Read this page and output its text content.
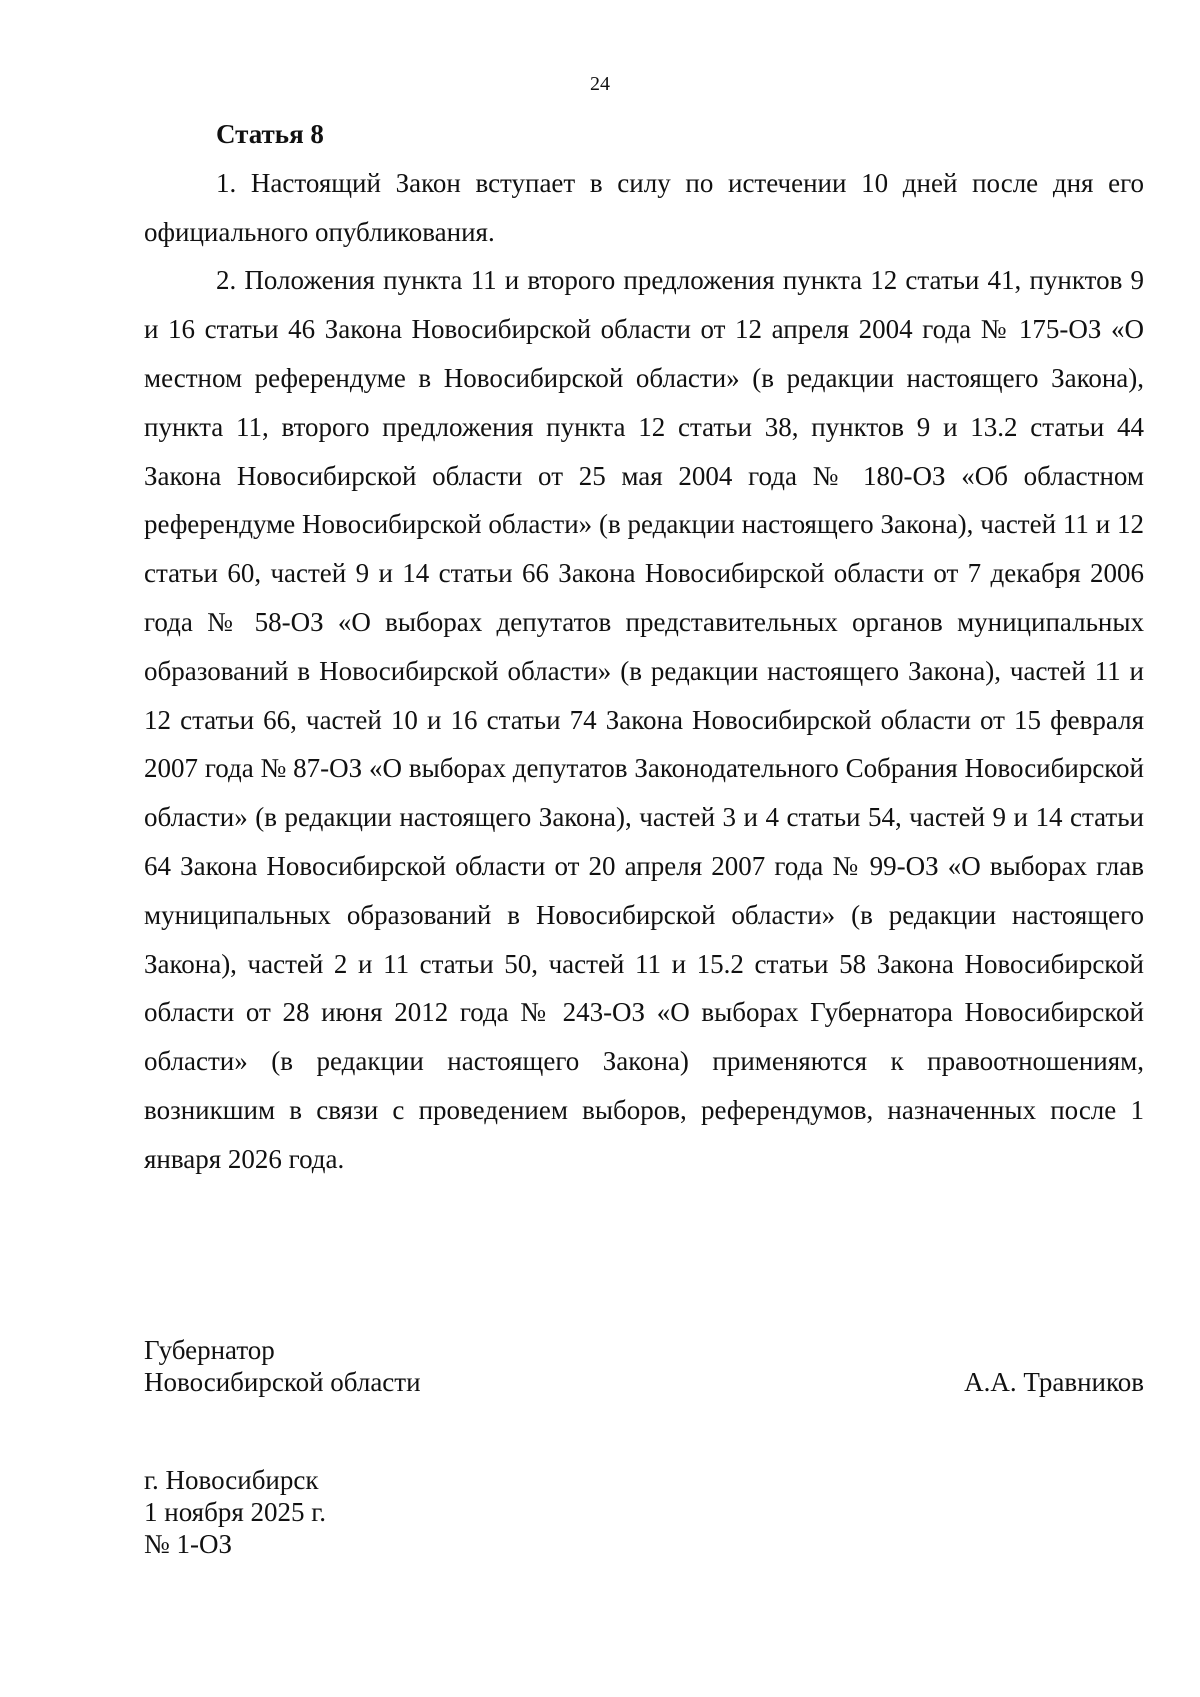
24

Статья 8

1. Настоящий Закон вступает в силу по истечении 10 дней после дня его официального опубликования.

2. Положения пункта 11 и второго предложения пункта 12 статьи 41, пунктов 9 и 16 статьи 46 Закона Новосибирской области от 12 апреля 2004 года № 175-ОЗ «О местном референдуме в Новосибирской области» (в редакции настоящего Закона), пункта 11, второго предложения пункта 12 статьи 38, пунктов 9 и 13.2 статьи 44 Закона Новосибирской области от 25 мая 2004 года № 180-ОЗ «Об областном референдуме Новосибирской области» (в редакции настоящего Закона), частей 11 и 12 статьи 60, частей 9 и 14 статьи 66 Закона Новосибирской области от 7 декабря 2006 года № 58-ОЗ «О выборах депутатов представительных органов муниципальных образований в Новосибирской области» (в редакции настоящего Закона), частей 11 и 12 статьи 66, частей 10 и 16 статьи 74 Закона Новосибирской области от 15 февраля 2007 года № 87-ОЗ «О выборах депутатов Законодательного Собрания Новосибирской области» (в редакции настоящего Закона), частей 3 и 4 статьи 54, частей 9 и 14 статьи 64 Закона Новосибирской области от 20 апреля 2007 года № 99-ОЗ «О выборах глав муниципальных образований в Новосибирской области» (в редакции настоящего Закона), частей 2 и 11 статьи 50, частей 11 и 15.2 статьи 58 Закона Новосибирской области от 28 июня 2012 года № 243-ОЗ «О выборах Губернатора Новосибирской области» (в редакции настоящего Закона) применяются к правоотношениям, возникшим в связи с проведением выборов, референдумов, назначенных после 1 января 2026 года.

Губернатор
Новосибирской области	А.А. Травников
г. Новосибирск
1 ноября 2025 г.
№ 1-ОЗ
